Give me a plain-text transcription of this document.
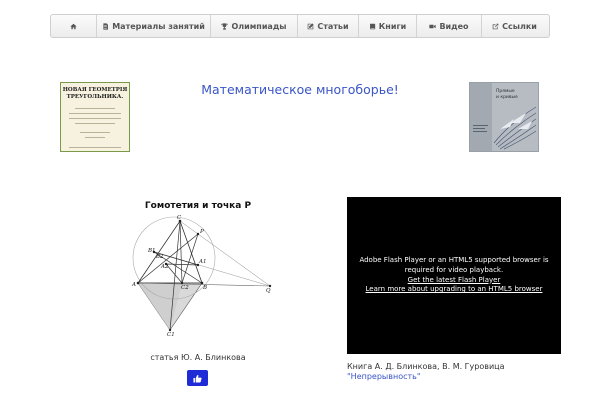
Материалы занятий	Олимпиады	Статьи	Книги	Видео	Ссылки
НОВАЯ ГЕОМЕТРІЯ
ТРЕУГОЛЬНИКА.	Математическое многоборье!	Прямые
и кривые
Гомотетия и точка P
C
P
B1
A1
A2
B2
A	C2	B	Q
C1
статья Ю. А. Блинкова
Adobe Flash Player or an HTML5 supported browser is required for video playback.
Get the latest Flash Player
Learn more about upgrading to an HTML5 browser
Книга А. Д. Блинкова, В. М. Гуровица
"Непрерывность"
